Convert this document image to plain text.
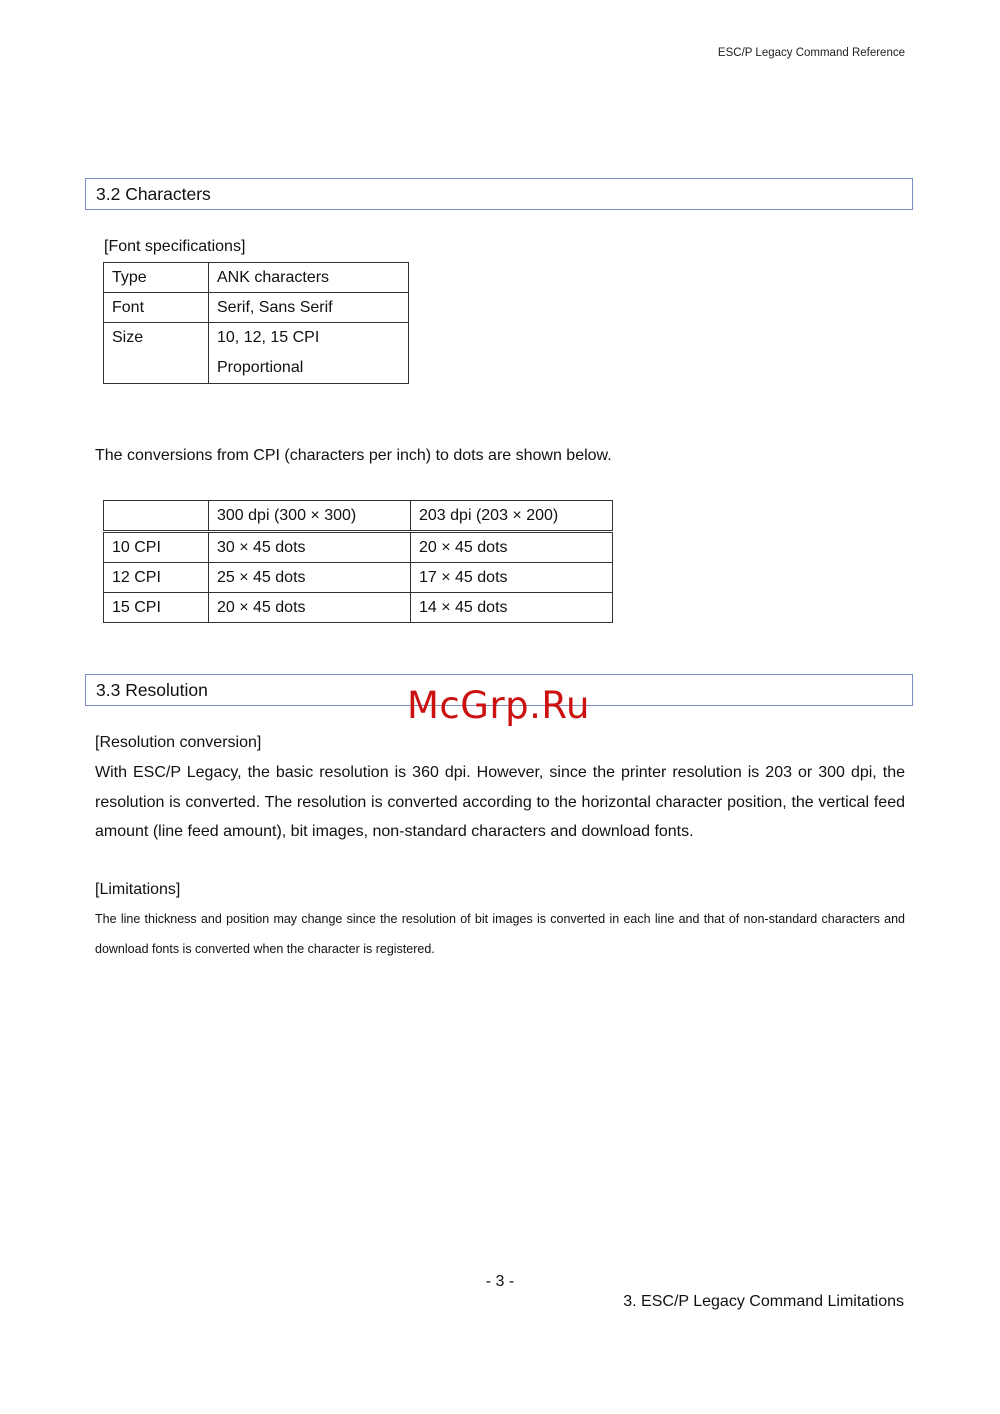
ESC/P Legacy Command Reference
3.2 Characters
[Font specifications]
Type	ANK characters
Font	Serif, Sans Serif
Size	10, 12, 15 CPI
Proportional
The conversions from CPI (characters per inch) to dots are shown below.
	300 dpi (300 × 300)	203 dpi (203 × 200)
10 CPI	30 × 45 dots	20 × 45 dots
12 CPI	25 × 45 dots	17 × 45 dots
15 CPI	20 × 45 dots	14 × 45 dots
3.3 Resolution	McGrp.Ru
[Resolution conversion]
With ESC/P Legacy, the basic resolution is 360 dpi. However, since the printer resolution is 203 or 300 dpi, the resolution is converted. The resolution is converted according to the horizontal character position, the vertical feed amount (line feed amount), bit images, non-standard characters and download fonts.
[Limitations]
The line thickness and position may change since the resolution of bit images is converted in each line and that of non-standard characters and download fonts is converted when the character is registered.
- 3 -
3. ESC/P Legacy Command Limitations
